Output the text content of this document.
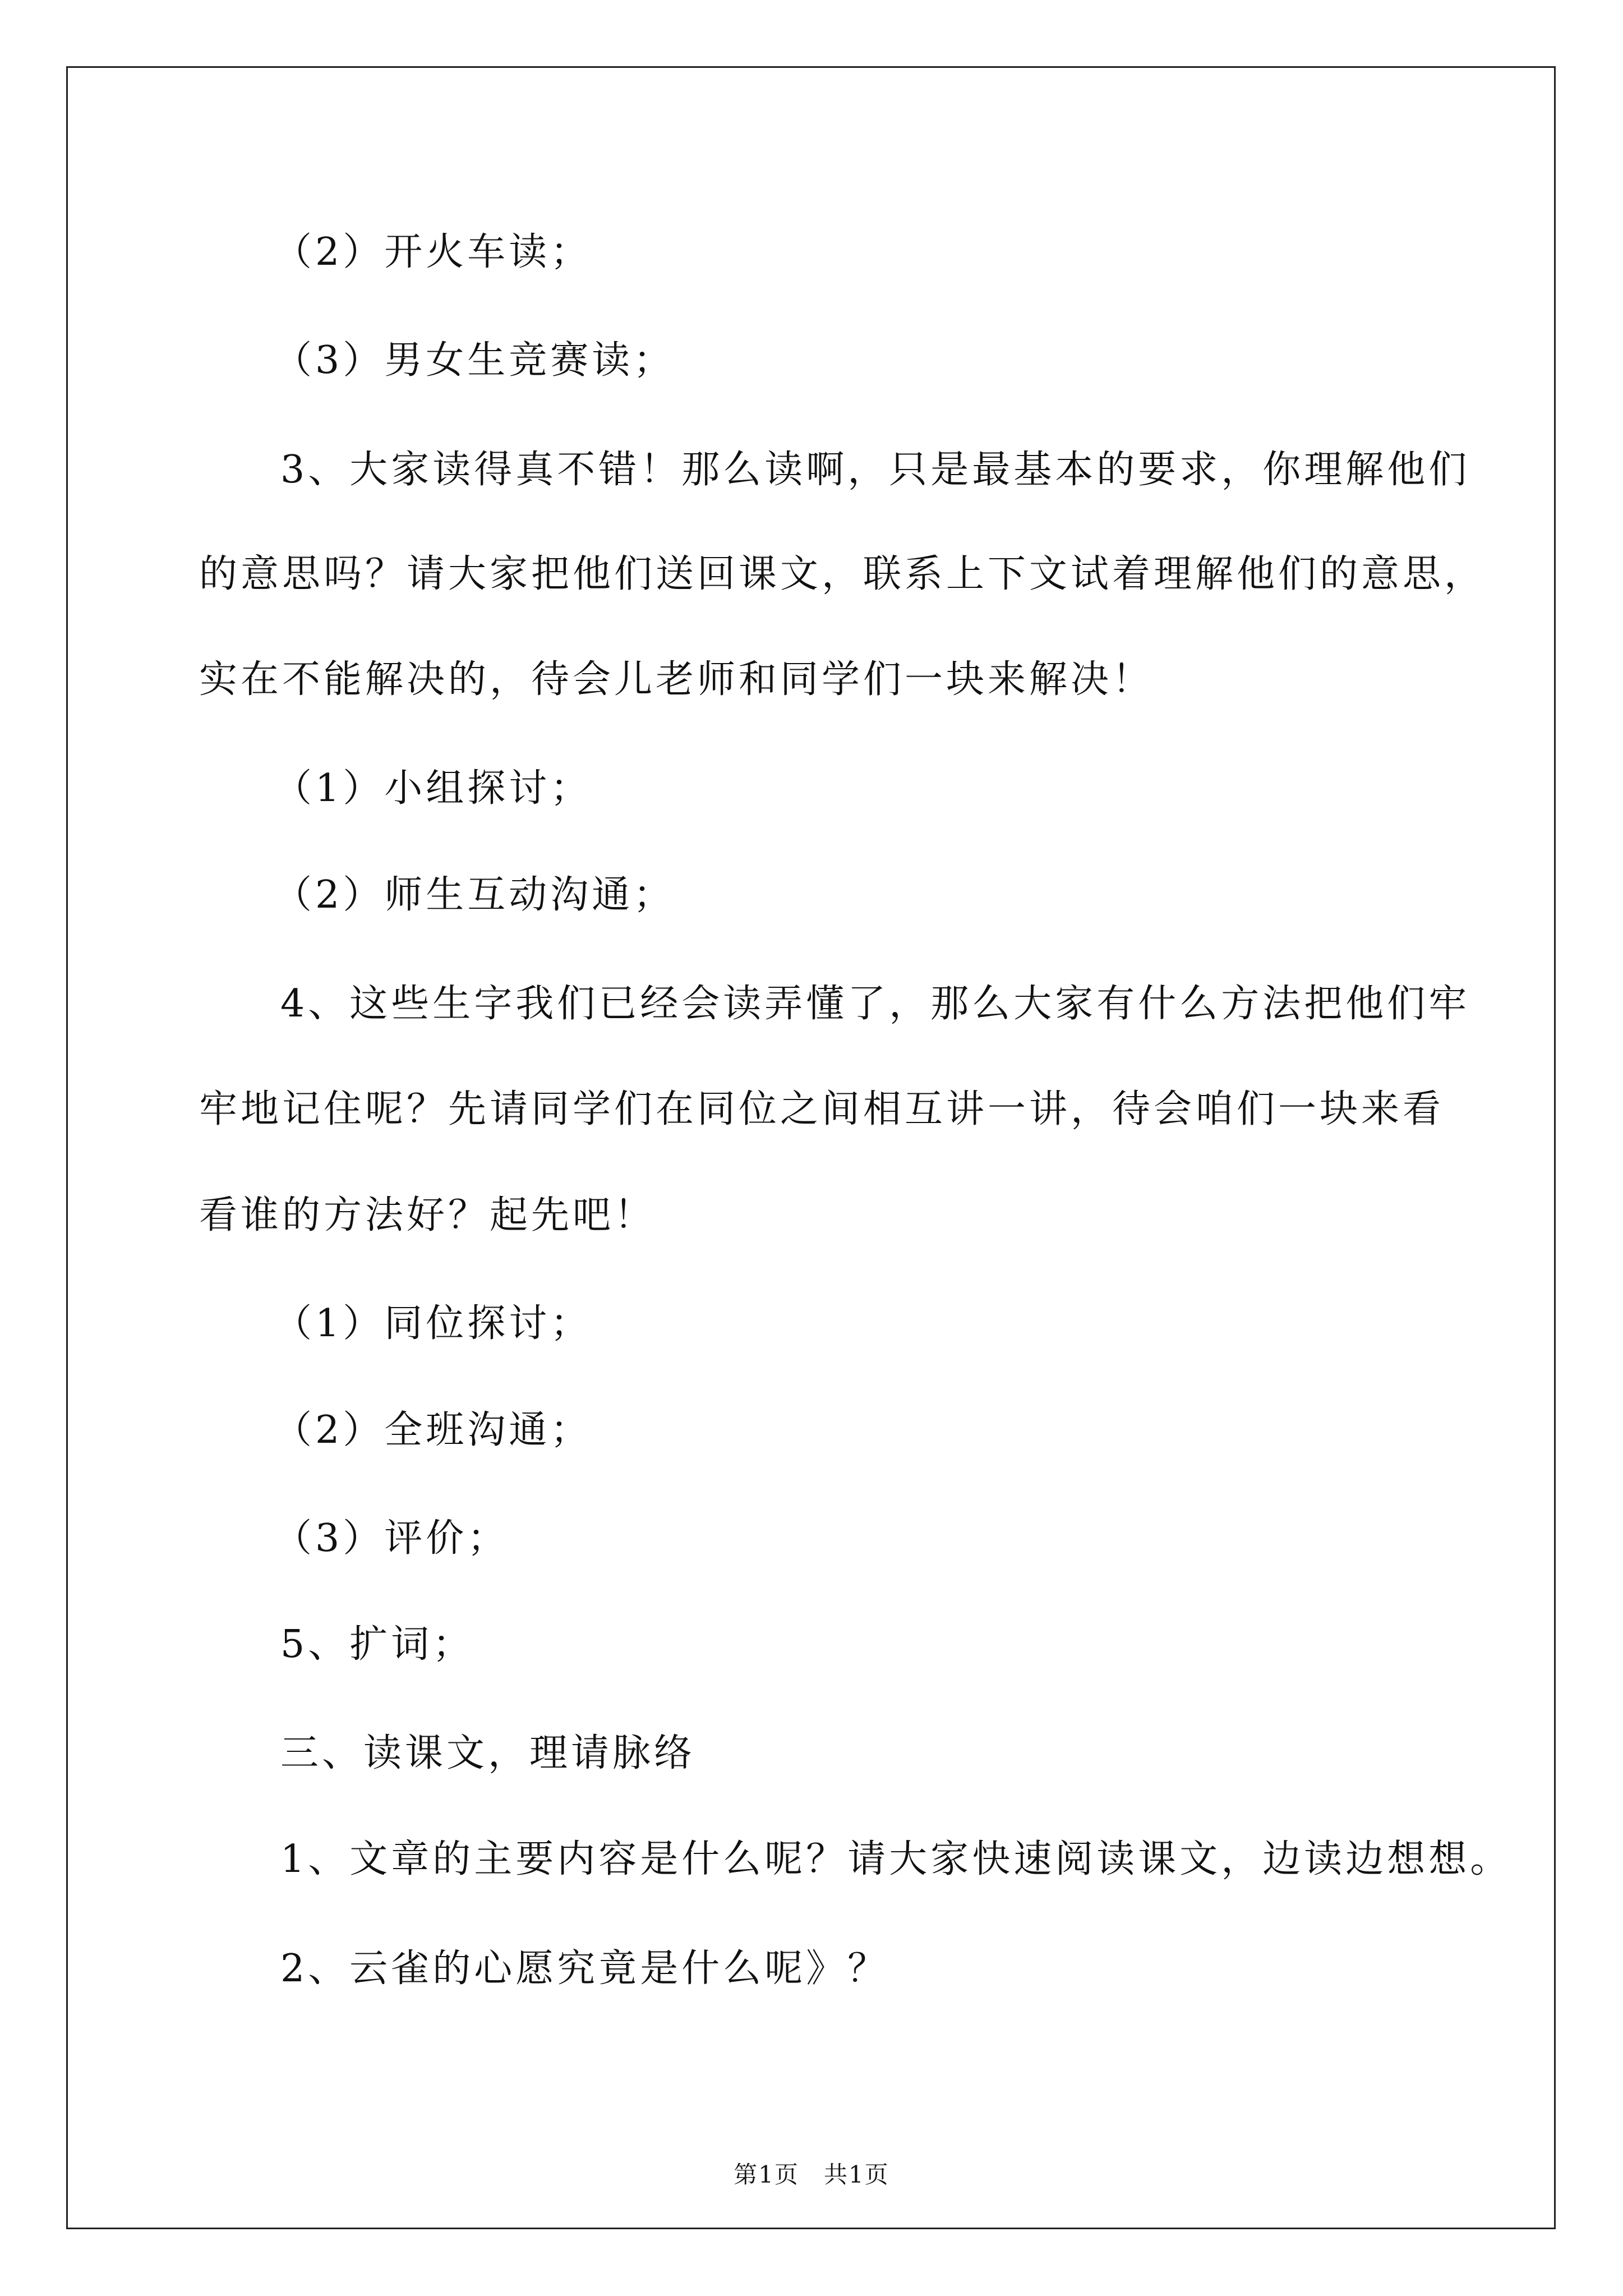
（2）开火车读；
（3）男女生竞赛读；
3、大家读得真不错！那么读啊，只是最基本的要求，你理解他们
的意思吗？请大家把他们送回课文，联系上下文试着理解他们的意思，
实在不能解决的，待会儿老师和同学们一块来解决！
（1）小组探讨；
（2）师生互动沟通；
4、这些生字我们已经会读弄懂了，那么大家有什么方法把他们牢
牢地记住呢？先请同学们在同位之间相互讲一讲，待会咱们一块来看
看谁的方法好？起先吧！
（1）同位探讨；
（2）全班沟通；
（3）评价；
5、扩词；
三、读课文，理请脉络
1、文章的主要内容是什么呢？请大家快速阅读课文，边读边想想。
2、云雀的心愿究竟是什么呢》？
第1页　共1页
